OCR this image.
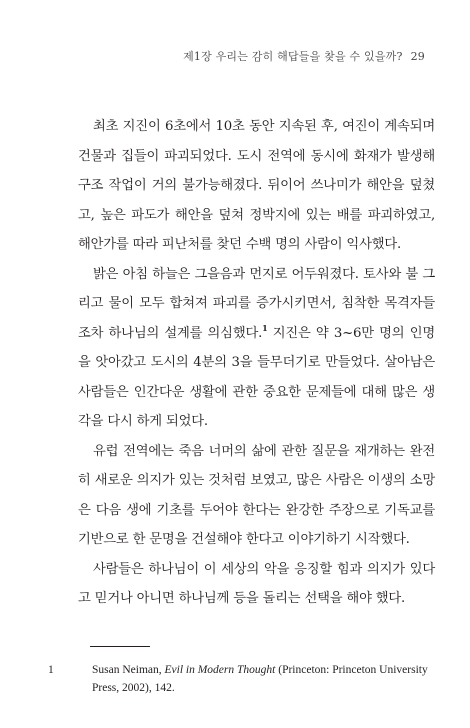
제1장 우리는 감히 해답들을 찾을 수 있을까? 29

최초 지진이 6초에서 10초 동안 지속된 후, 여진이 계속되며 건물과 집들이 파괴되었다. 도시 전역에 동시에 화재가 발생해 구조 작업이 거의 불가능해졌다. 뒤이어 쓰나미가 해안을 덮쳤고, 높은 파도가 해안을 덮쳐 정박지에 있는 배를 파괴하였고, 해안가를 따라 피난처를 찾던 수백 명의 사람이 익사했다.

밝은 아침 하늘은 그을음과 먼지로 어두워졌다. 토사와 불 그리고 물이 모두 합쳐져 파괴를 증가시키면서, 침착한 목격자들조차 하나님의 설계를 의심했다.$^1$ 지진은 약 3~6만 명의 인명을 앗아갔고 도시의 4분의 3을 들무더기로 만들었다. 살아남은 사람들은 인간다운 생활에 관한 중요한 문제들에 대해 많은 생각을 다시 하게 되었다.

유럽 전역에는 죽음 너머의 삶에 관한 질문을 재개하는 완전히 새로운 의지가 있는 것처럼 보였고, 많은 사람은 이생의 소망은 다음 생에 기초를 두어야 한다는 완강한 주장으로 기독교를 기반으로 한 문명을 건설해야 한다고 이야기하기 시작했다.

사람들은 하나님이 이 세상의 악을 응징할 힘과 의지가 있다고 믿거나 아니면 하나님께 등을 돌리는 선택을 해야 했다.

1	Susan Neiman, Evil in Modern Thought (Princeton: Princeton University Press, 2002), 142.
